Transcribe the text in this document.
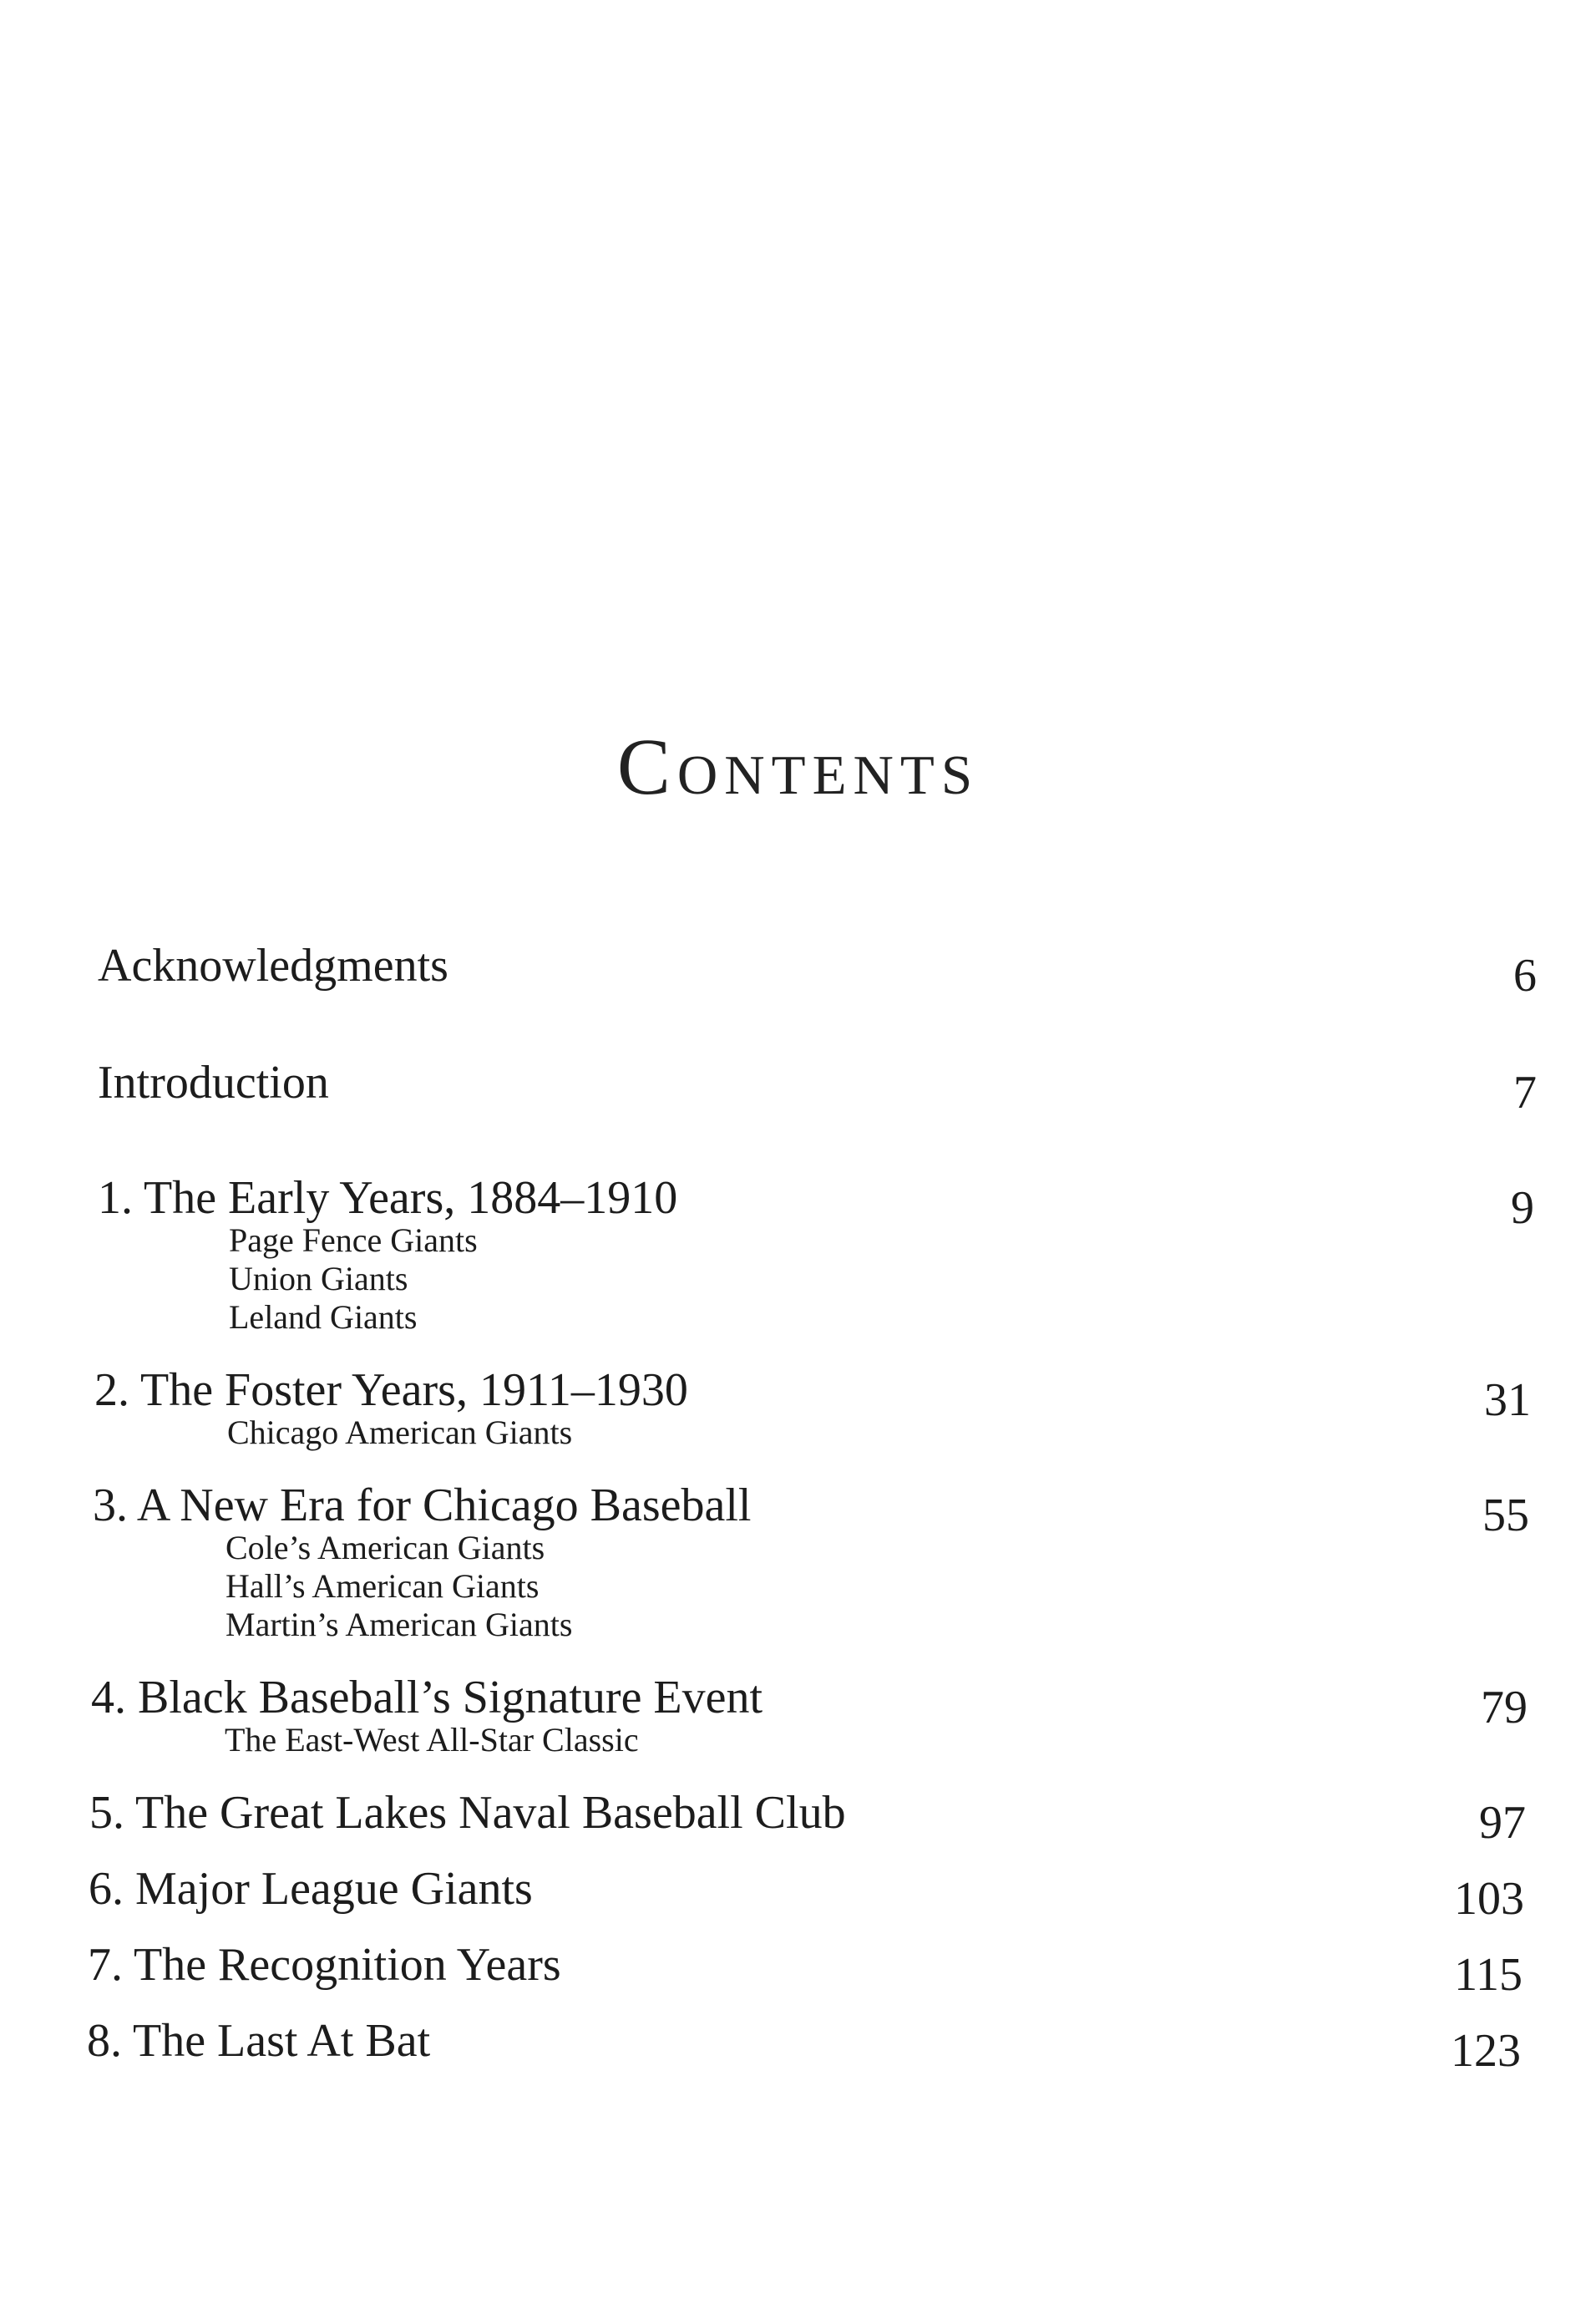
Contents
Acknowledgments	6
Introduction	7
1. The Early Years, 1884–1910	9
Page Fence Giants
Union Giants
Leland Giants
2. The Foster Years, 1911–1930	31
Chicago American Giants
3. A New Era for Chicago Baseball	55
Cole’s American Giants
Hall’s American Giants
Martin’s American Giants
4. Black Baseball’s Signature Event	79
The East-West All-Star Classic
5. The Great Lakes Naval Baseball Club	97
6. Major League Giants	103
7. The Recognition Years	115
8. The Last At Bat	123
